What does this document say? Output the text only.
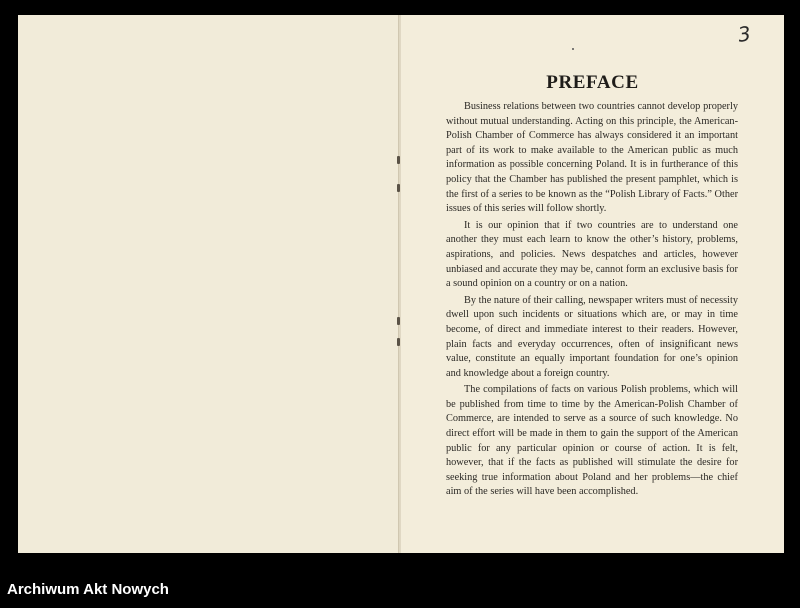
3
PREFACE

Business relations between two countries cannot develop properly without mutual understanding. Acting on this principle, the American-Polish Chamber of Commerce has always considered it an important part of its work to make available to the American public as much information as possible concerning Poland. It is in furtherance of this policy that the Chamber has published the present pamphlet, which is the first of a series to be known as the “Polish Library of Facts.” Other issues of this series will follow shortly.

It is our opinion that if two countries are to understand one another they must each learn to know the other’s history, problems, aspirations, and policies. News despatches and articles, however unbiased and accurate they may be, cannot form an exclusive basis for a sound opinion on a country or on a nation.

By the nature of their calling, newspaper writers must of necessity dwell upon such incidents or situations which are, or may in time become, of direct and immediate interest to their readers. However, plain facts and everyday occurrences, often of insignificant news value, constitute an equally important foundation for one’s opinion and knowledge about a foreign country.

The compilations of facts on various Polish problems, which will be published from time to time by the American-Polish Chamber of Commerce, are intended to serve as a source of such knowledge. No direct effort will be made in them to gain the support of the American public for any particular opinion or course of action. It is felt, however, that if the facts as published will stimulate the desire for seeking true information about Poland and her problems—the chief aim of the series will have been accomplished.

Archiwum Akt Nowych
